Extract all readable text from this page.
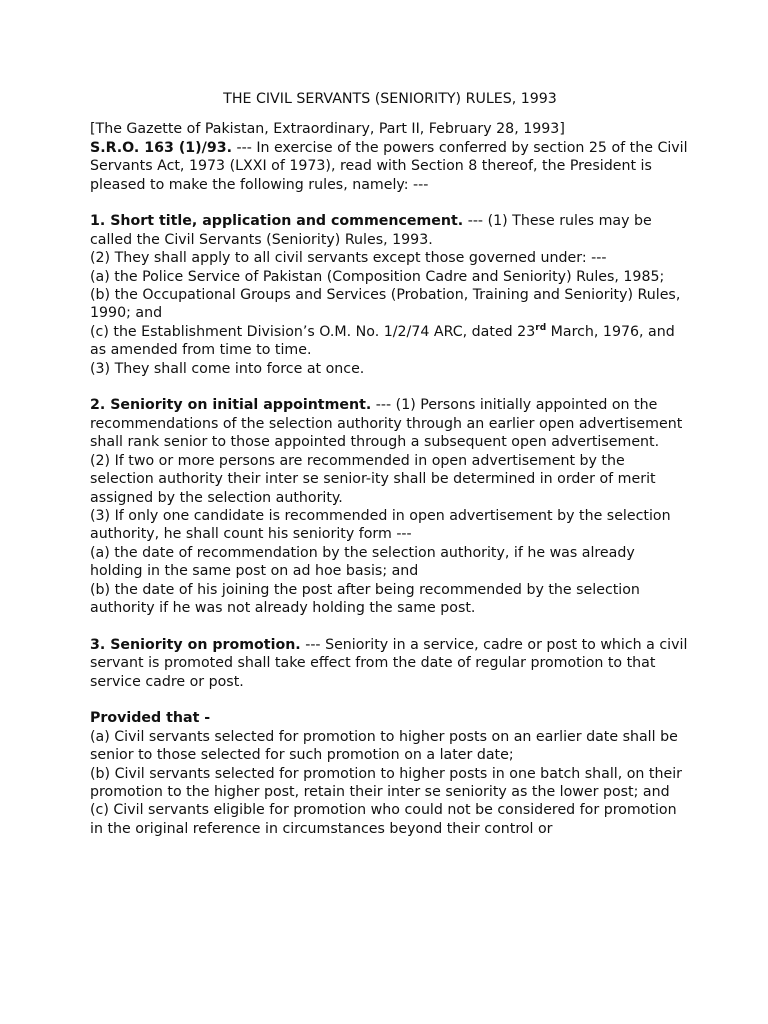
THE CIVIL SERVANTS (SENIORITY) RULES, 1993

[The Gazette of Pakistan, Extraordinary, Part II, February 28, 1993]

S.R.O. 163 (1)/93. --- In exercise of the powers conferred by section 25 of the Civil Servants Act, 1973 (LXXI of 1973), read with Section 8 thereof, the President is pleased to make the following rules, namely: ---

1. Short title, application and commencement. --- (1) These rules may be called the Civil Servants (Seniority) Rules, 1993.

(2) They shall apply to all civil servants except those governed under: ---

(a) the Police Service of Pakistan (Composition Cadre and Seniority) Rules, 1985;

(b) the Occupational Groups and Services (Probation, Training and Seniority) Rules, 1990; and

(c) the Establishment Division’s O.M. No. 1/2/74 ARC, dated 23rd March, 1976, and as amended from time to time.

(3) They shall come into force at once.

2. Seniority on initial appointment. --- (1) Persons initially appointed on the recommendations of the selection authority through an earlier open advertisement shall rank senior to those appointed through a subsequent open advertisement.

(2) If two or more persons are recommended in open advertisement by the selection authority their inter se senior-ity shall be determined in order of merit assigned by the selection authority.

(3) If only one candidate is recommended in open advertisement by the selection authority, he shall count his seniority form ---

(a) the date of recommendation by the selection authority, if he was already holding in the same post on ad hoe basis; and

(b) the date of his joining the post after being recommended by the selection authority if he was not already holding the same post.

3. Seniority on promotion. --- Seniority in a service, cadre or post to which a civil servant is promoted shall take effect from the date of regular promotion to that service cadre or post.

Provided that -

(a) Civil servants selected for promotion to higher posts on an earlier date shall be senior to those selected for such promotion on a later date;

(b) Civil servants selected for promotion to higher posts in one batch shall, on their promotion to the higher post, retain their inter se seniority as the lower post; and

(c) Civil servants eligible for promotion who could not be considered for promotion in the original reference in circumstances beyond their control or
